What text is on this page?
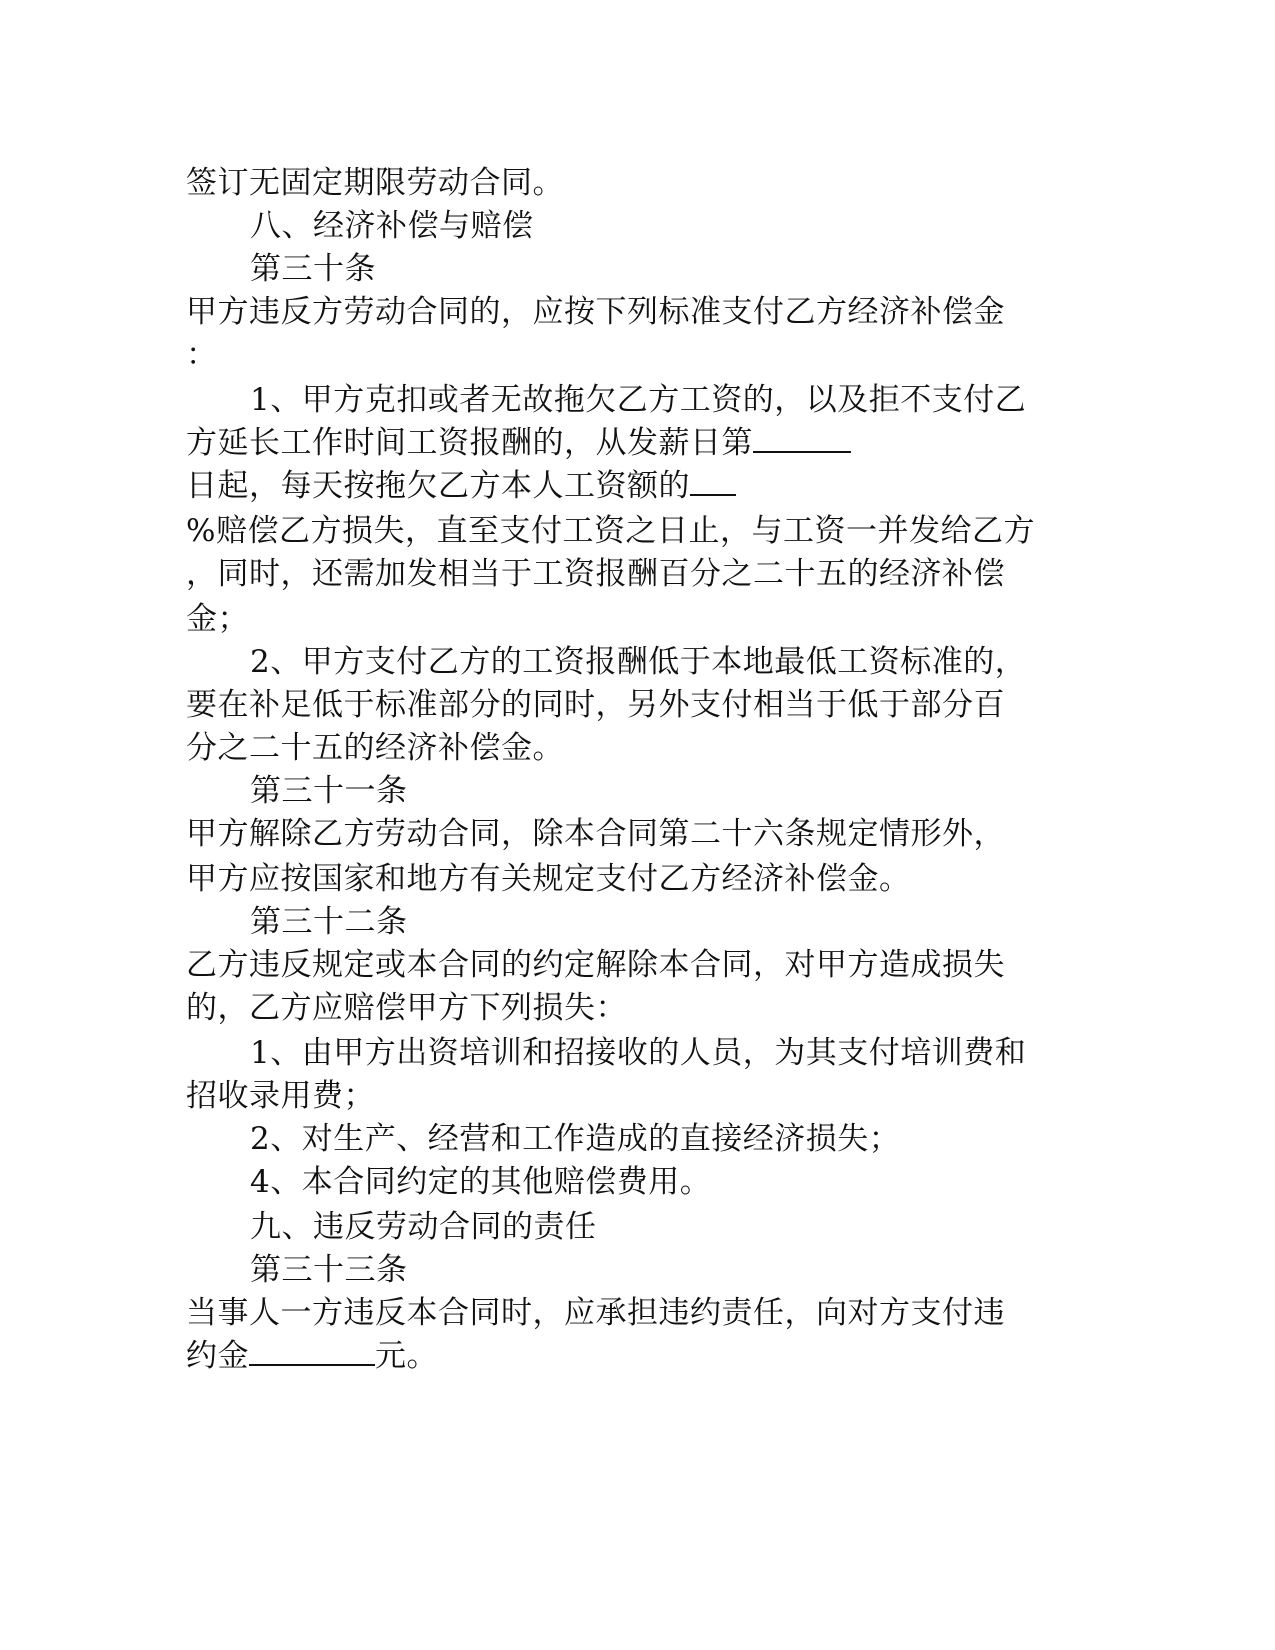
签订无固定期限劳动合同。
八、经济补偿与赔偿
第三十条
甲方违反方劳动合同的，应按下列标准支付乙方经济补偿金
：
1、甲方克扣或者无故拖欠乙方工资的，以及拒不支付乙
方延长工作时间工资报酬的，从发薪日第
日起，每天按拖欠乙方本人工资额的
%赔偿乙方损失，直至支付工资之日止，与工资一并发给乙方
，同时，还需加发相当于工资报酬百分之二十五的经济补偿
金；
2、甲方支付乙方的工资报酬低于本地最低工资标准的，
要在补足低于标准部分的同时，另外支付相当于低于部分百
分之二十五的经济补偿金。
第三十一条
甲方解除乙方劳动合同，除本合同第二十六条规定情形外，
甲方应按国家和地方有关规定支付乙方经济补偿金。
第三十二条
乙方违反规定或本合同的约定解除本合同，对甲方造成损失
的，乙方应赔偿甲方下列损失：
1、由甲方出资培训和招接收的人员，为其支付培训费和
招收录用费；
2、对生产、经营和工作造成的直接经济损失；
4、本合同约定的其他赔偿费用。
九、违反劳动合同的责任
第三十三条
当事人一方违反本合同时，应承担违约责任，向对方支付违
约金	元。
